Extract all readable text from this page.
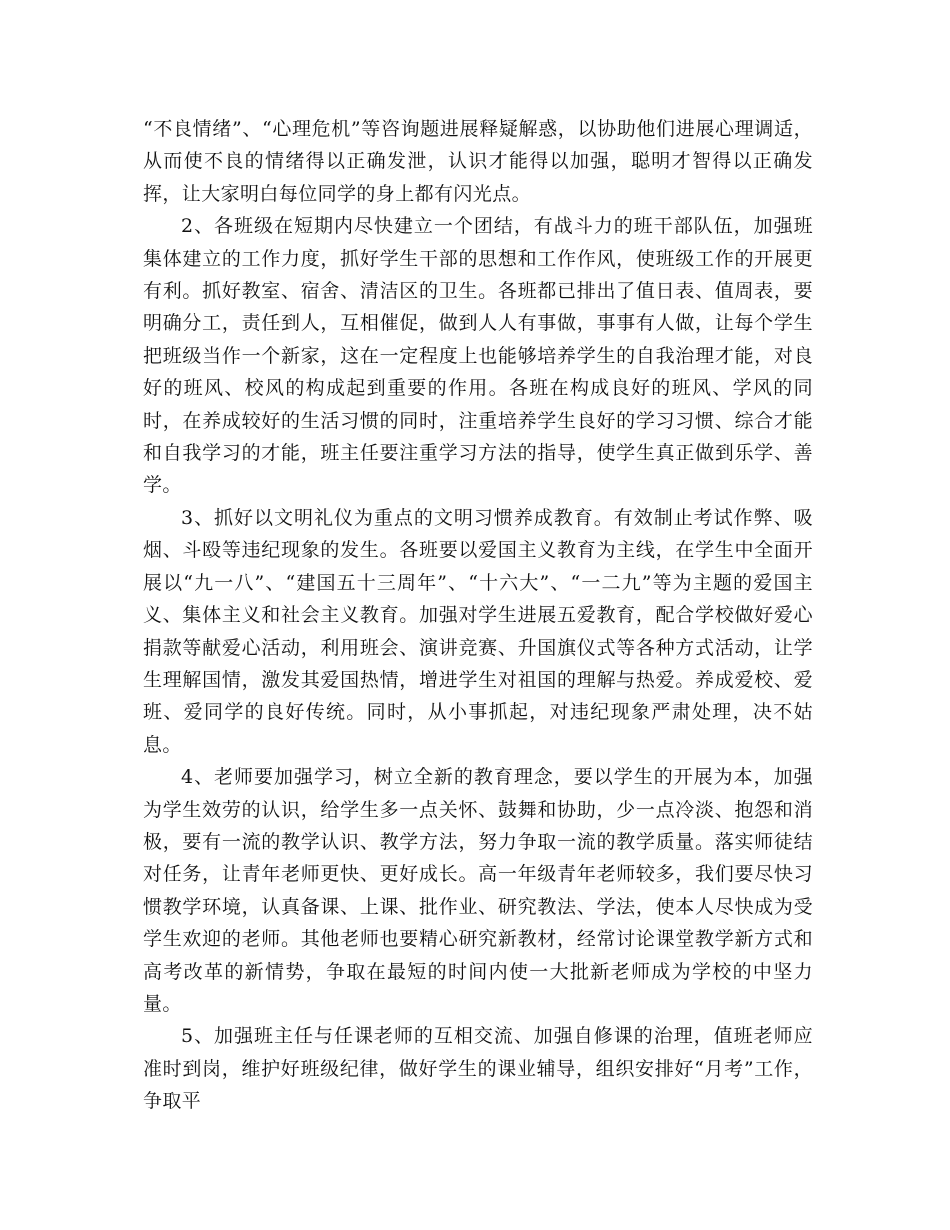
“不良情绪”、“心理危机”等咨询题进展释疑解惑，以协助他们进展心理调适，从而使不良的情绪得以正确发泄，认识才能得以加强，聪明才智得以正确发挥，让大家明白每位同学的身上都有闪光点。

2、各班级在短期内尽快建立一个团结，有战斗力的班干部队伍，加强班集体建立的工作力度，抓好学生干部的思想和工作作风，使班级工作的开展更有利。抓好教室、宿舍、清洁区的卫生。各班都已排出了值日表、值周表，要明确分工，责任到人，互相催促，做到人人有事做，事事有人做，让每个学生把班级当作一个新家，这在一定程度上也能够培养学生的自我治理才能，对良好的班风、校风的构成起到重要的作用。各班在构成良好的班风、学风的同时，在养成较好的生活习惯的同时，注重培养学生良好的学习习惯、综合才能和自我学习的才能，班主任要注重学习方法的指导，使学生真正做到乐学、善学。

3、抓好以文明礼仪为重点的文明习惯养成教育。有效制止考试作弊、吸烟、斗殴等违纪现象的发生。各班要以爱国主义教育为主线，在学生中全面开展以“九一八”、“建国五十三周年”、“十六大”、“一二九”等为主题的爱国主义、集体主义和社会主义教育。加强对学生进展五爱教育，配合学校做好爱心捐款等献爱心活动，利用班会、演讲竞赛、升国旗仪式等各种方式活动，让学生理解国情，激发其爱国热情，增进学生对祖国的理解与热爱。养成爱校、爱班、爱同学的良好传统。同时，从小事抓起，对违纪现象严肃处理，决不姑息。

4、老师要加强学习，树立全新的教育理念，要以学生的开展为本，加强为学生效劳的认识，给学生多一点关怀、鼓舞和协助，少一点冷淡、抱怨和消极，要有一流的教学认识、教学方法，努力争取一流的教学质量。落实师徒结对任务，让青年老师更快、更好成长。高一年级青年老师较多，我们要尽快习惯教学环境，认真备课、上课、批作业、研究教法、学法，使本人尽快成为受学生欢迎的老师。其他老师也要精心研究新教材，经常讨论课堂教学新方式和高考改革的新情势，争取在最短的时间内使一大批新老师成为学校的中坚力量。

5、加强班主任与任课老师的互相交流、加强自修课的治理，值班老师应准时到岗，维护好班级纪律，做好学生的课业辅导，组织安排好“月考”工作，争取平
